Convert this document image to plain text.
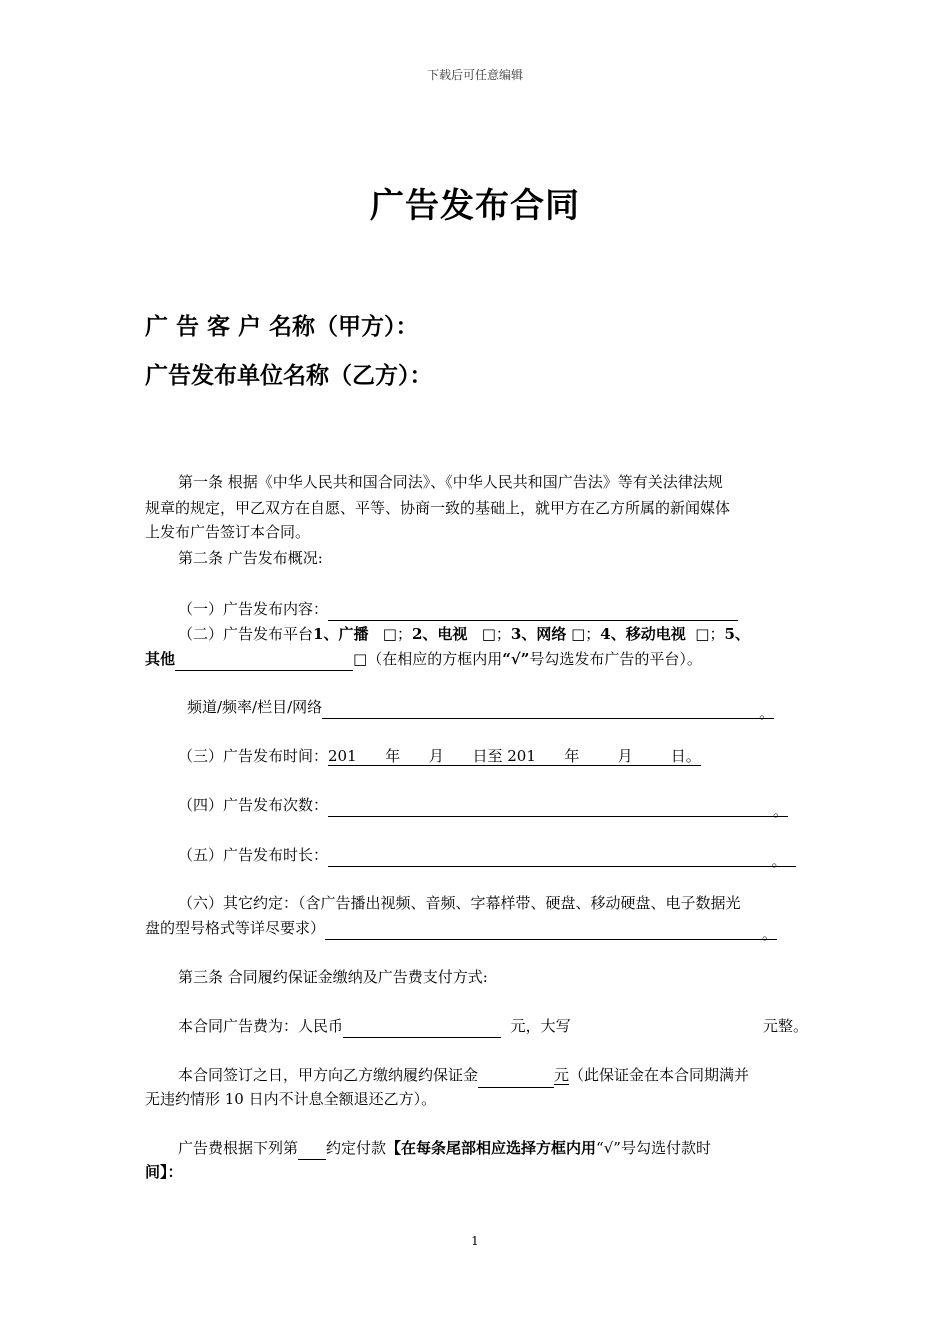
下载后可任意编辑
广告发布合同
广 告 客 户 名称（甲方）：
广告发布单位名称（乙方）：
第一条 根据《中华人民共和国合同法》、《中华人民共和国广告法》等有关法律法规
规章的规定，甲乙双方在自愿、平等、协商一致的基础上，就甲方在乙方所属的新闻媒体
上发布广告签订本合同。
第二条 广告发布概况:
（一）广告发布内容：
（二）广告发布平台1、广播 □；2、电视 □；3、网络 □；4、移动电视 □；5、
其他	□（在相应的方框内用“√”号勾选发布广告的平台）。
频道/频率/栏目/网络	。
（三）广告发布时间：201      年      月      日至 201      年        月        日。
（四）广告发布次数：	。
（五）广告发布时长：	。
（六）其它约定：（含广告播出视频、音频、字幕样带、硬盘、移动硬盘、电子数据光
盘的型号格式等详尽要求）	。
第三条 合同履约保证金缴纳及广告费支付方式:
本合同广告费为：人民币	元，大写	元整。
本合同签订之日，甲方向乙方缴纳履约保证金	元（此保证金在本合同期满并
无违约情形 10 日内不计息全额退还乙方）。
广告费根据下列第 约定付款【在每条尾部相应选择方框内用“√”号勾选付款时
间】：
1
